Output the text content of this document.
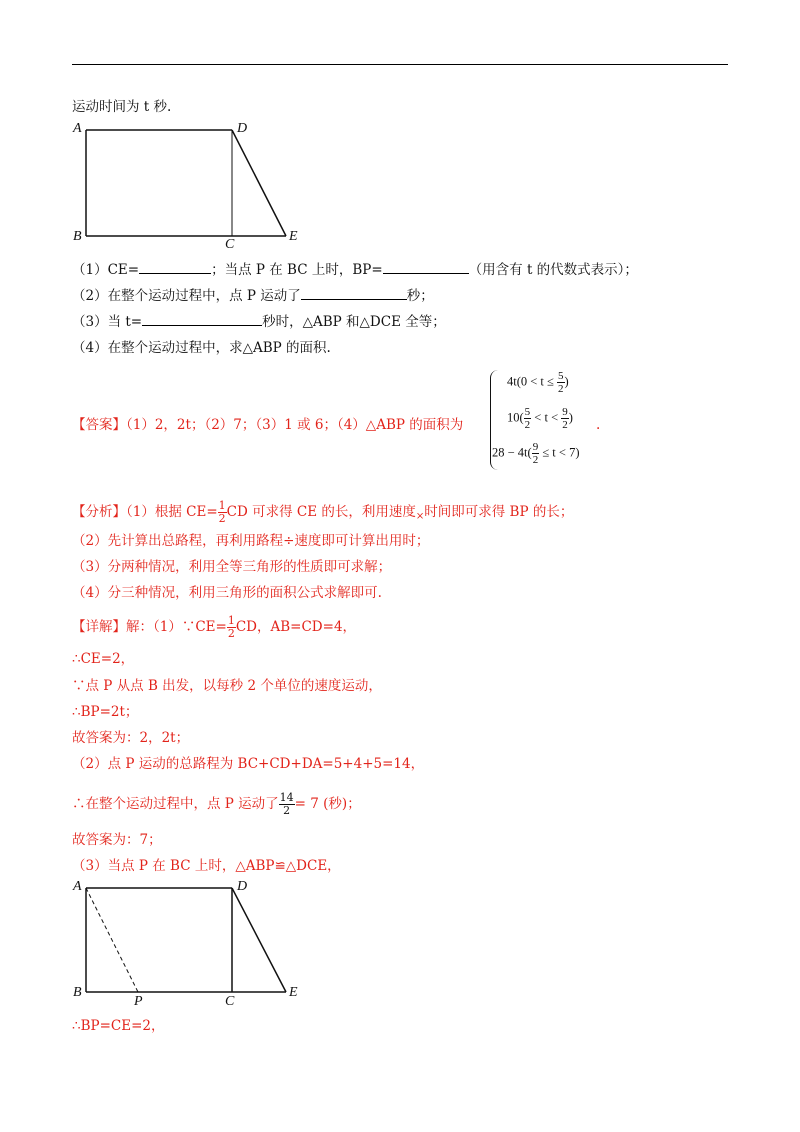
运动时间为 t 秒.
A	D
B
C
E
（1）CE=	；当点 P 在 BC 上时，BP=	（用含有 t 的代数式表示）；
（2）在整个运动过程中，点 P 运动了	秒；
（3）当 t=	秒时，△ABP 和△DCE 全等；
（4）在整个运动过程中，求△ABP 的面积.
【答案】（1）2，2t；（2）7；（3）1 或 6；（4）△ABP 的面积为
$4t(0 < t \le \frac{5}{2}$ )
$10( \frac{5}{2} < t < \frac{9}{2}$ )
$28 - 4t( \frac{9}{2} \le t < 7)$
.
【分析】（1）根据 $CE= \frac{1}{2}$ CD 可求得 CE 的长，利用速度$_\times$时间即可求得 BP 的长；
（2）先计算出总路程，再利用路程÷速度即可计算出用时；
（3）分两种情况，利用全等三角形的性质即可求解；
（4）分三种情况，利用三角形的面积公式求解即可.
【详解】解：（1）∵CE= $\frac{1}{2}$ CD，AB=CD=4，
∴CE=2，
∵点 P 从点 B 出发，以每秒 2 个单位的速度运动，
∴BP=2t；
故答案为：2，2t；
（2）点 P 运动的总路程为 BC+CD+DA=5+4+5=14，
∴在整个运动过程中，点 P 运动了 $\frac{14}{2} = 7$ (秒)；
故答案为：7；
（3）当点 P 在 BC 上时，△ABP≌△DCE，
A	D
B
P	C
E
∴BP=CE=2，
